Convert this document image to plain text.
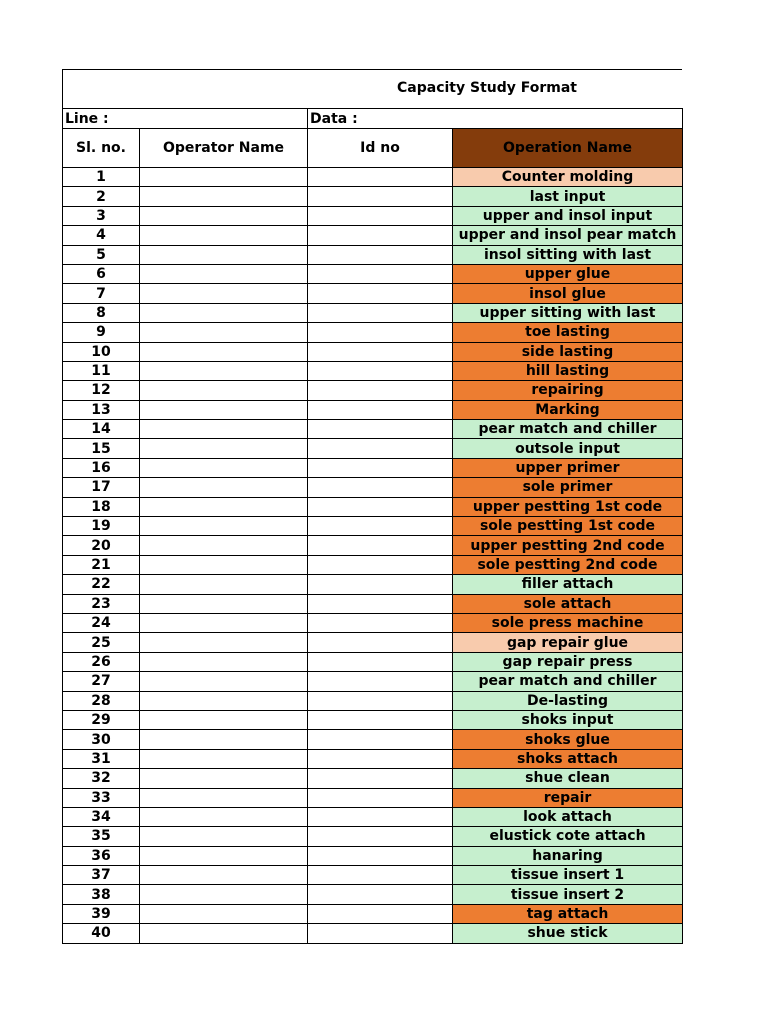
Capacity Study Format
Line :		Data :	
Sl. no.	Operator Name	Id no	Operation Name
1			Counter molding
2			last input
3			upper and insol input
4			upper and insol pear match
5			insol sitting with last
6			upper glue
7			insol glue
8			upper sitting with last
9			toe lasting
10			side lasting
11			hill lasting
12			repairing
13			Marking
14			pear match and chiller
15			outsole input
16			upper primer
17			sole primer
18			upper pestting 1st code
19			sole pestting 1st code
20			upper pestting 2nd code
21			sole pestting 2nd code
22			filler attach
23			sole attach
24			sole press machine
25			gap repair glue
26			gap repair press
27			pear match and chiller
28			De-lasting
29			shoks input
30			shoks glue
31			shoks attach
32			shue clean
33			repair
34			look attach
35			elustick cote attach
36			hanaring
37			tissue insert 1
38			tissue insert 2
39			tag attach
40			shue stick
